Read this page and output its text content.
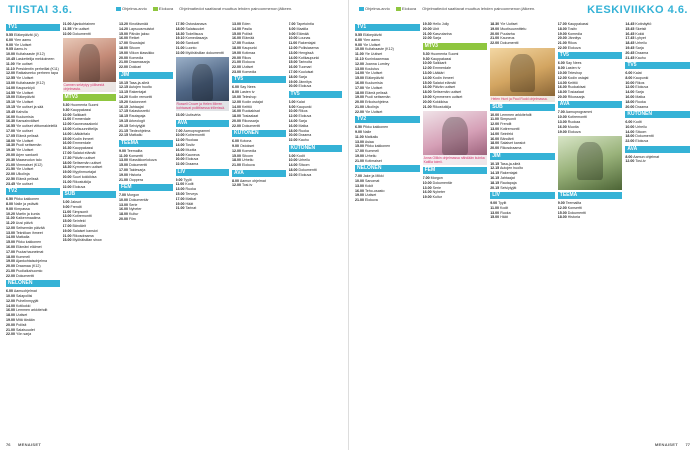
TIISTAI 3.6.	Ohjelma-arvio	Elokuva Ohjelmatiedot saattavat muuttua lehden painoonmenon jälkeen.
TV1
5.55 Eläkepäivät (U)
6.00 Ylen aamu
9.00 Yle Uutiset
9.05 Aamu-tv
10.00 Kultahaaste (K12)
10.45 Laskettelija mekkoineen
11.00 Yle uutiset
11.10 Presidentin perheillat (K11)
12.00 Ratkaiseeko perheen tapa
12.55 Yle Uutiset
13.00 Kultahaaste (K12)
14.00 Kaupunkiyö
14.55 Yle Uutiset
15.00 Eläkepäivät
15.10 Yle Uutiset
15.15 Yle uutiset ja sää
15.45 Kahvila
16.00 Kuulumisia
16.30 Kansainväliset
16.55 Yle uutiset viittomakielellä
17.00 Yle uutiset
17.05 Elämä pelissä
18.00 Yle Uutiset
18.30 Puoli seitsemän
19.30 Yle Uutiset
20.00 Arjen sankarit
20.30 Maaseudun talo
21.00 Vimmaiset (K12)
21.50 Yle Uutiset
22.00 Ulkolinja
22.50 Elämä pelissä
23.45 Yle uutiset
TV2
6.50 Pikku kakkonen
8.00 Nalle ja ystävät
9.00 Kimpassa
10.20 Martin ja kunta
11.00 Kaikenmaailma
11.20 Uusi päivä
12.00 Seitsemän päivää
13.00 Tekniikan ihmeet
14.00 Matkalla
15.00 Pikku kakkonen
16.00 Elämäni eläimet
17.00 Puutarhaunelmat
18.00 Kummeli
19.00 Ajankohtaisohjelma
20.00 Draamaa (K12)
21.00 Puoliaikahuomio
22.00 Dokumentti
NELONEN
6.00 Aamuohjelmat
10.00 Salapoliisi
12.00 Puhelinmyyjät
14.00 Kotikokki
16.00 Lemmen arkkitehdit
18.00 Uutiset
19.00 Mitä tänään
20.00 Poliisit
21.00 Salaisuudet
22.00 Yön sarja
21.00 Ajankohtainen
21.55 Yle uutiset
22.00 Dokumentti
Carmen selviytyy yöllisestä ohjelmasta.
MTV3
5.30 Huomenta Suomi
9.30 Kauppakassi
10.00 Salkkarit
11.00 Emmerdale
12.00 Kauneussalonki
13.00 Kotisuunnittelija
14.00 Lääkäritalo
15.00 Kodin ihmeet
16.00 Emmerdale
16.30 Kauppakassi
17.00 Salatut elämät
17.30 Päivän uutiset
18.00 Seitsemän uutiset
18.30 Kymmenen uutiset
19.00 Myytinmurtajat
20.00 Suuri kokkikisa
21.00 Rikostutkija
22.00 Elokuva
SUB
6.00 Jaksot
9.00 Frendit
11.00 Simpsonit
13.00 Kotiremontti
15.00 Seinfeld
17.00 Bändärit
19.00 Salaiset kansiot
21.00 Rikosdraama
23.00 Myöhäisillan show
13.20 Kinotäsmää
14.20 Lapsuusmuistot
15.00 Päivän jakso
16.00 Retket
17.00 Sisustajat
18.00 Sitcom
19.00 Viikon klassikko
20.00 Komedia
21.00 Draamasarja
22.00 Dokkari
JIM
10.15 Tasa-ja-sileä
12.15 Autojen huolto
13.15 Rakentajat
14.20 Kodin remontti
15.20 Kadonneet
16.15 Jahtaajat
17.15 Kalastusretki
18.15 Rautapaja
19.15 Arkeologit
20.15 Selviytyjät
21.15 Tiedeohjelma
22.15 Matkailu
TEEMA
9.00 Teemailta
11.00 Konsertti
13.00 Klassikkoelokuva
15.00 Dokumentti
17.00 Taidesarja
19.00 Historia
21.00 Ooppera
FEM
7.00 Morgon
10.00 Dokumentär
13.00 Serie
16.00 Nyheter
18.00 Kultur
20.00 Film
17.50 Ostoskanava
18.00 Salaisuudet
18.30 Todellisuus
19.10 Komediasarja
20.00 Sankarit
21.00 Luonto
22.00 Myöhäisillan dokumentti
Russell Crowe ja Helen Mirren kohtaavat poliittisessa trillerissä.
23.00 Uutisvirta
AVA
7.00 Aamuprogrammi
10.00 Kotiremontti
12.00 Ruokaa
14.00 Tositv
16.00 Muotia
18.00 Kauneus
20.00 Elokuva
22.00 Draama
LIV
9.00 Tyylit
11.00 Kodit
13.00 Ruoka
15.00 Terveys
17.00 Matkat
19.00 Häät
21.00 Tarinat
13.00 Eden
14.00 Pasila
15.00 Poliisit
16.00 Elämää
17.00 Ruokaa
18.00 Kaupunki
19.00 Kotimaa
20.00 Rikos
21.00 Elokuva
22.00 Uutiset
23.00 Komedia
TV5
6.00 Say Nees
8.00 Lasten tv
10.00 Teleshop
12.00 Kodin ostajat
14.00 Keittiö
16.00 Ruokakisat
18.00 Tosiaalaat
20.00 Rikossarja
22.00 Dokumentti
KUTONEN
6.00 Kotona
9.00 Ostokset
12.00 Komedia
15.00 Sitcom
18.00 Urheilu
21.00 Elokuva
AVA
8.00 Aamun ohjelmat
12.00 Tosi-tv
7.00 Tapetointia
8.00 Maatila
9.00 Elämää
10.00 Lounas
11.00 Rakentajat
12.00 Poliisiasema
13.00 Hengissä
14.00 Kotikaupunki
15.00 Tarinoita
16.00 Tuomari
17.00 Kuuluisat
18.00 Sarja
19.00 Jännitys
20.00 Elokuva
TV5
6.00 Kalat
8.00 Kaupunki
10.00 Rikos
12.00 Elokuva
14.00 Sarja
16.00 Matka
18.00 Ruoka
20.00 Draama
22.00 Kauhu
KUTONEN
6.00 Kodit
10.00 Urheilu
14.00 Sitcom
18.00 Dokumentti
22.00 Elokuva
76 MENAISET
Ohjelma-arvio	Elokuva Ohjelmatiedot saattavat muuttua lehden painoonmenon jälkeen.	KESKIVIIKKO 4.6.
TV1
5.55 Eläkepäivät
6.00 Ylen aamu
9.00 Yle Uutiset
10.00 Kultahaaste (K12)
11.00 Yle Uutiset
11.10 Kuninkaanmaa
12.00 Joanna Lumley
13.00 Koulutus
14.00 Yle Uutiset
15.00 Eläkepäivät
16.00 Kuulumisia
17.00 Yle Uutiset
18.00 Elämä pelissä
19.00 Puoli seitsemän
20.00 Erikoisohjelma
21.00 Ulkolinja
22.00 Yle Uutiset
TV2
6.50 Pikku kakkonen
9.00 Nalle
11.00 Matkailu
13.00 Asiaa
15.00 Pikku kakkonen
17.00 Kummeli
19.00 Urheilu
21.00 Kotimaiset
NELONEN
7.00 Jake ja Mikki
10.00 Sanomat
13.00 Kokit
16.00 Teho-osasto
19.00 Uutiset
21.00 Elokuva
19.30 Hello Jolly
20.00 Ubit
21.00 Kasvutarina
22.00 Sarja
MTV3
5.30 Huomenta Suomi
9.30 Kauppakassi
10.00 Salkkarit
12.00 Emmerdale
13.00 Lääkäri
14.00 Kodin ihmeet
15.00 Salatut elämät
16.00 Päivän uutiset
18.00 Seitsemän uutiset
19.00 Kymmenen uutiset
20.00 Kokkikisa
21.00 Rikostutkija
Anna Ollikin ohjelmassa nähdään kuinka Katilla toimii.
FEM
7.00 Morgon
10.00 Dokumentär
13.00 Serie
16.00 Nyheter
19.00 Kultur
18.30 Yle Uutiset
19.00 Muotisuunnittelu
20.00 Puutarha
21.00 Kauneus
22.00 Dokumentti
Helen Hunt ja Paul Rudd ohjelmassa.
SUB
10.00 Lemmen arkkitehdit
11.00 Simpsonit
12.00 Frendit
13.00 Kotiremontti
14.00 Seinfeld
16.00 Bändärit
18.00 Salaiset kansiot
20.00 Rikosdraama
JIM
10.15 Tasa-ja-sileä
12.15 Autojen huolto
14.15 Rakentajat
16.15 Jahtaajat
18.15 Rautapaja
20.15 Selviytyjät
LIV
9.00 Tyylit
11.00 Kodit
13.00 Ruoka
15.00 Häät
17.00 Kauppakassi
18.00 Tositv
19.00 Komedia
20.00 Jännitys
21.00 Rikos
22.00 Elokuva
TV5
6.00 Say Nees
8.00 Lasten tv
10.00 Teleshop
12.00 Kodin ostajat
14.00 Keittiö
16.00 Ruokakisat
18.00 Tosiaalaat
20.00 Rikossarja
AVA
7.00 Aamuprogrammi
10.00 Kotiremontti
13.00 Ruokaa
16.00 Muotia
19.00 Elokuva
TEEMA
9.00 Teemailta
12.00 Konsertti
15.00 Dokumentti
18.00 Historia
14.45 Kotinäyttö
15.45 Sketsit
16.45 Kokki
17.45 Lyhyet
18.45 Urheilu
19.45 Sarja
20.45 Draama
21.45 Kauhu
TV5
6.00 Kalat
8.00 Kaupunki
10.00 Rikos
12.00 Elokuva
14.00 Sarja
16.00 Matka
18.00 Ruoka
20.00 Draama
KUTONEN
6.00 Kodit
10.00 Urheilu
14.00 Sitcom
18.00 Dokumentti
22.00 Elokuva
AVA
8.00 Aamun ohjelmat
12.00 Tosi-tv
MENAISET 77
